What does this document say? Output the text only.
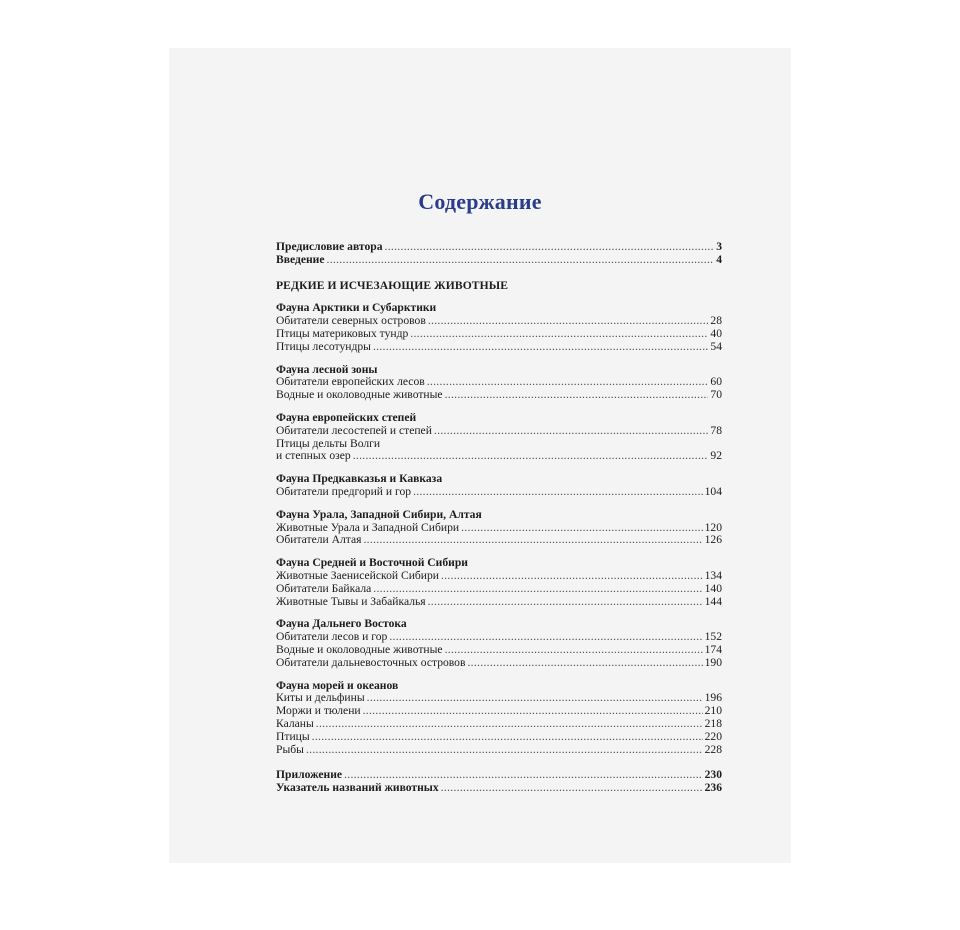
Содержание
Предисловие автора . . .	3
Введение . . .	4
РЕДКИЕ И ИСЧЕЗАЮЩИЕ ЖИВОТНЫЕ
Фауна Арктики и Субарктики
Обитатели северных островов . . .	28
Птицы материковых тундр . . .	40
Птицы лесотундры . . .	54
Фауна лесной зоны
Обитатели европейских лесов . . .	60
Водные и околоводные животные . . .	70
Фауна европейских степей
Обитатели лесостепей и степей . . .	78
Птицы дельты Волги
и степных озер . . .	92
Фауна Предкавказья и Кавказа
Обитатели предгорий и гор . . .	104
Фауна Урала, Западной Сибири, Алтая
Животные Урала и Западной Сибири . . .	120
Обитатели Алтая . . .	126
Фауна Средней и Восточной Сибири
Животные Заенисейской Сибири . . .	134
Обитатели Байкала . . .	140
Животные Тывы и Забайкалья . . .	144
Фауна Дальнего Востока
Обитатели лесов и гор . . .	152
Водные и околоводные животные . . .	174
Обитатели дальневосточных островов . . .	190
Фауна морей и океанов
Киты и дельфины . . .	196
Моржи и тюлени . . .	210
Каланы . . .	218
Птицы . . .	220
Рыбы . . .	228
Приложение . . .	230
Указатель названий животных . . .	236
